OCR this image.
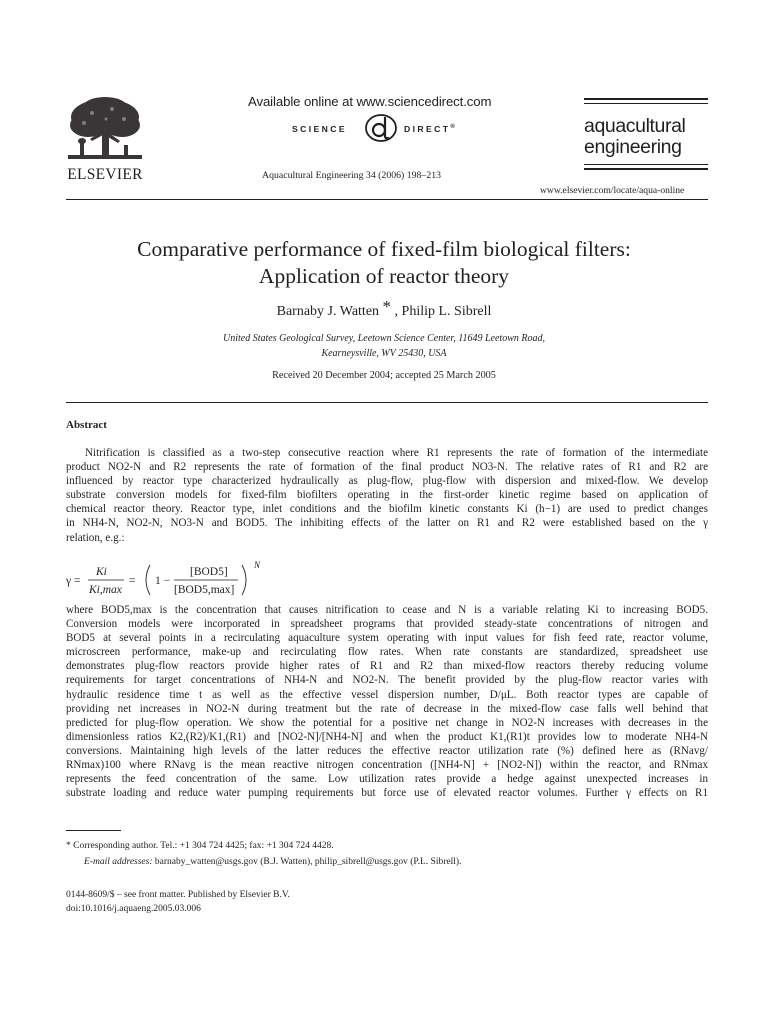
ELSEVIER
Available online at www.sciencedirect.com
SCIENCE	DIRECT®
Aquacultural Engineering 34 (2006) 198–213
aquacultural
engineering
www.elsevier.com/locate/aqua-online
Comparative performance of fixed-film biological filters:
Application of reactor theory
Barnaby J. Watten * , Philip L. Sibrell
United States Geological Survey, Leetown Science Center, 11649 Leetown Road,
Kearneysville, WV 25430, USA
Received 20 December 2004; accepted 25 March 2005
Abstract
Nitrification is classified as a two-step consecutive reaction where R1 represents the rate of formation of the intermediate
product NO2-N and R2 represents the rate of formation of the final product NO3-N. The relative rates of R1 and R2 are
influenced by reactor type characterized hydraulically as plug-flow, plug-flow with dispersion and mixed-flow. We develop
substrate conversion models for fixed-film biofilters operating in the first-order kinetic regime based on application of
chemical reactor theory. Reactor type, inlet conditions and the biofilm kinetic constants Ki (h−1) are used to predict changes
in NH4-N, NO2-N, NO3-N and BOD5. The inhibiting effects of the latter on R1 and R2 were established based on the γ
relation, e.g.:
γ =
Ki
Ki,max
= 1 −
[BOD5]
[BOD5,max]
N
where BOD5,max is the concentration that causes nitrification to cease and N is a variable relating Ki to increasing BOD5.
Conversion models were incorporated in spreadsheet programs that provided steady-state concentrations of nitrogen and
BOD5 at several points in a recirculating aquaculture system operating with input values for fish feed rate, reactor volume,
microscreen performance, make-up and recirculating flow rates. When rate constants are standardized, spreadsheet use
demonstrates plug-flow reactors provide higher rates of R1 and R2 than mixed-flow reactors thereby reducing volume
requirements for target concentrations of NH4-N and NO2-N. The benefit provided by the plug-flow reactor varies with
hydraulic residence time t as well as the effective vessel dispersion number, D/μL. Both reactor types are capable of
providing net increases in NO2-N during treatment but the rate of decrease in the mixed-flow case falls well behind that
predicted for plug-flow operation. We show the potential for a positive net change in NO2-N increases with decreases in the
dimensionless ratios K2,(R2)/K1,(R1) and [NO2-N]/[NH4-N] and when the product K1,(R1)t provides low to moderate NH4-N
conversions. Maintaining high levels of the latter reduces the effective reactor utilization rate (%) defined here as (RNavg/
RNmax)100 where RNavg is the mean reactive nitrogen concentration ([NH4-N] + [NO2-N]) within the reactor, and RNmax
represents the feed concentration of the same. Low utilization rates provide a hedge against unexpected increases in
substrate loading and reduce water pumping requirements but force use of elevated reactor volumes. Further γ effects on R1
* Corresponding author. Tel.: +1 304 724 4425; fax: +1 304 724 4428.
E-mail addresses: barnaby_watten@usgs.gov (B.J. Watten), philip_sibrell@usgs.gov (P.L. Sibrell).
0144-8609/$ – see front matter. Published by Elsevier B.V.
doi:10.1016/j.aquaeng.2005.03.006
